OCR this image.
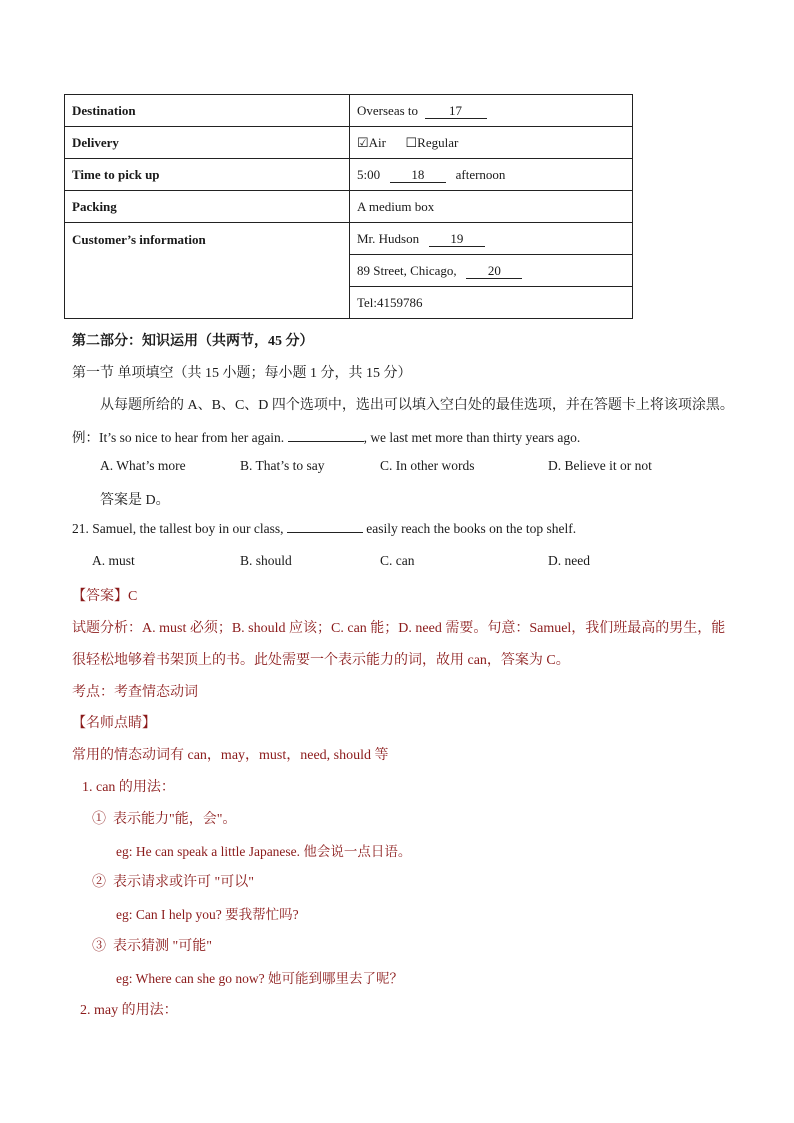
Destination	Overseas to 17
Delivery	☑Air ☐Regular
Time to pick up	5:00 18 afternoon
Packing	A medium box
Customer’s information	Mr. Hudson 19
	89 Street, Chicago, 20
	Tel:4159786
第二部分：知识运用（共两节，45 分）
第一节 单项填空（共 15 小题；每小题 1 分，共 15 分）
从每题所给的 A、B、C、D 四个选项中，选出可以填入空白处的最佳选项，并在答题卡上将该项涂黑。
例：It’s so nice to hear from her again.	, we last met more than thirty years ago.
A. What’s more	B. That’s to say	C. In other words	D. Believe it or not
答案是 D。
21. Samuel, the tallest boy in our class,	easily reach the books on the top shelf.
A. must	B. should	C. can	D. need
【答案】C
试题分析：A. must 必须；B. should 应该；C. can 能；D. need 需要。句意：Samuel，我们班最高的男生，能
很轻松地够着书架顶上的书。此处需要一个表示能力的词，故用 can，答案为 C。
考点：考查情态动词
【名师点睛】
常用的情态动词有 can，may，must，need, should 等
1. can 的用法：
① 表示能力"能，会"。
eg: He can speak a little Japanese. 他会说一点日语。
② 表示请求或许可 "可以"
eg: Can I help you? 要我帮忙吗?
③ 表示猜测 "可能"
eg: Where can she go now? 她可能到哪里去了呢？
2. may 的用法：
